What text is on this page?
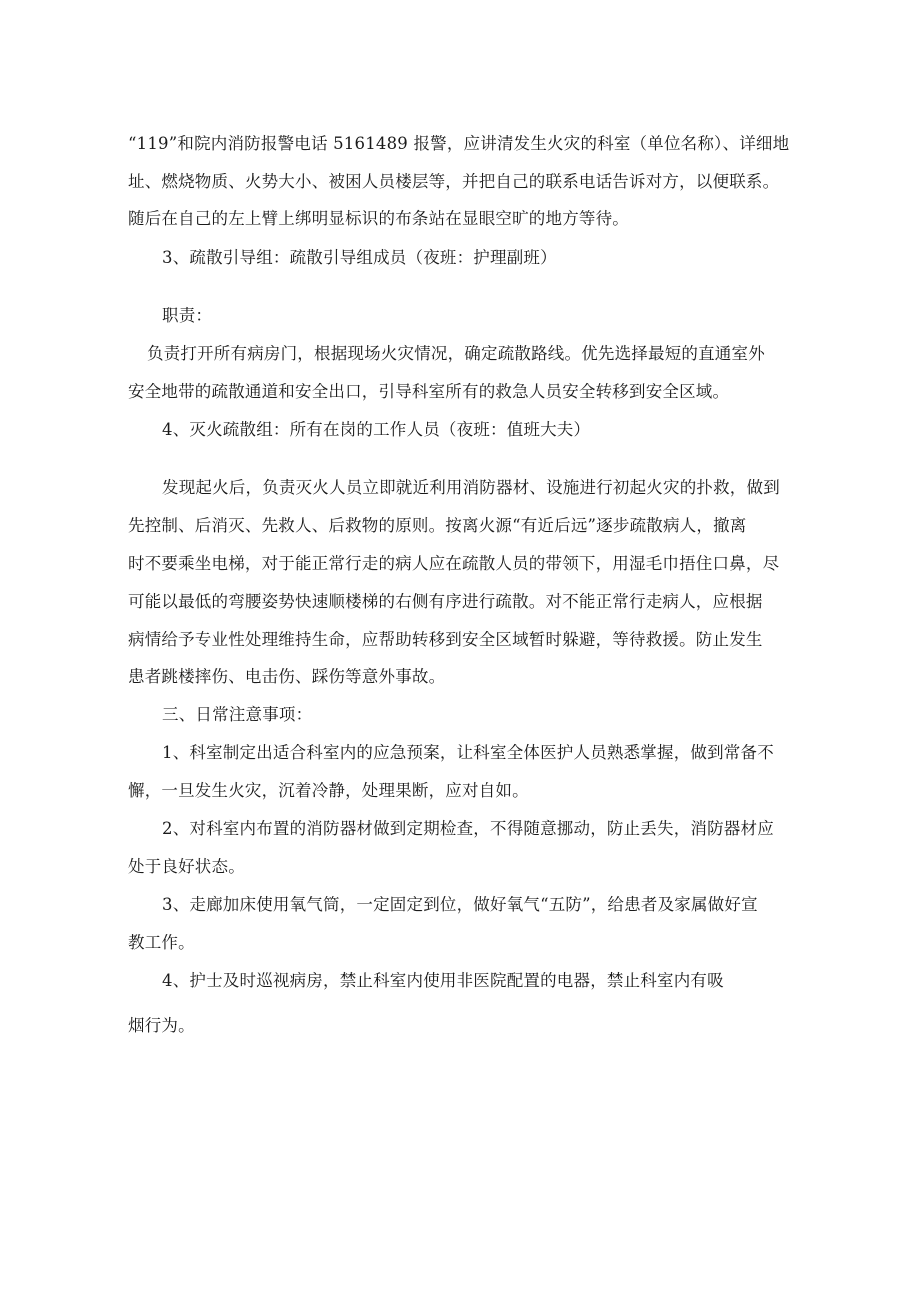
“119”和院内消防报警电话 5161489 报警，应讲清发生火灾的科室（单位名称）、详细地
址、燃烧物质、火势大小、被困人员楼层等，并把自己的联系电话告诉对方，以便联系。
随后在自己的左上臂上绑明显标识的布条站在显眼空旷的地方等待。
3、疏散引导组：疏散引导组成员（夜班：护理副班）
职责：
负责打开所有病房门，根据现场火灾情况，确定疏散路线。优先选择最短的直通室外
安全地带的疏散通道和安全出口，引导科室所有的救急人员安全转移到安全区域。
4、灭火疏散组：所有在岗的工作人员（夜班：值班大夫）
发现起火后，负责灭火人员立即就近利用消防器材、设施进行初起火灾的扑救，做到
先控制、后消灭、先救人、后救物的原则。按离火源“有近后远”逐步疏散病人，撤离
时不要乘坐电梯，对于能正常行走的病人应在疏散人员的带领下，用湿毛巾捂住口鼻，尽
可能以最低的弯腰姿势快速顺楼梯的右侧有序进行疏散。对不能正常行走病人，应根据
病情给予专业性处理维持生命，应帮助转移到安全区域暂时躲避，等待救援。防止发生
患者跳楼摔伤、电击伤、踩伤等意外事故。
三、日常注意事项：
1、科室制定出适合科室内的应急预案，让科室全体医护人员熟悉掌握，做到常备不
懈，一旦发生火灾，沉着冷静，处理果断，应对自如。
2、对科室内布置的消防器材做到定期检查，不得随意挪动，防止丢失，消防器材应
处于良好状态。
3、走廊加床使用氧气筒，一定固定到位，做好氧气“五防”，给患者及家属做好宣
教工作。
4、护士及时巡视病房，禁止科室内使用非医院配置的电器，禁止科室内有吸
烟行为。
